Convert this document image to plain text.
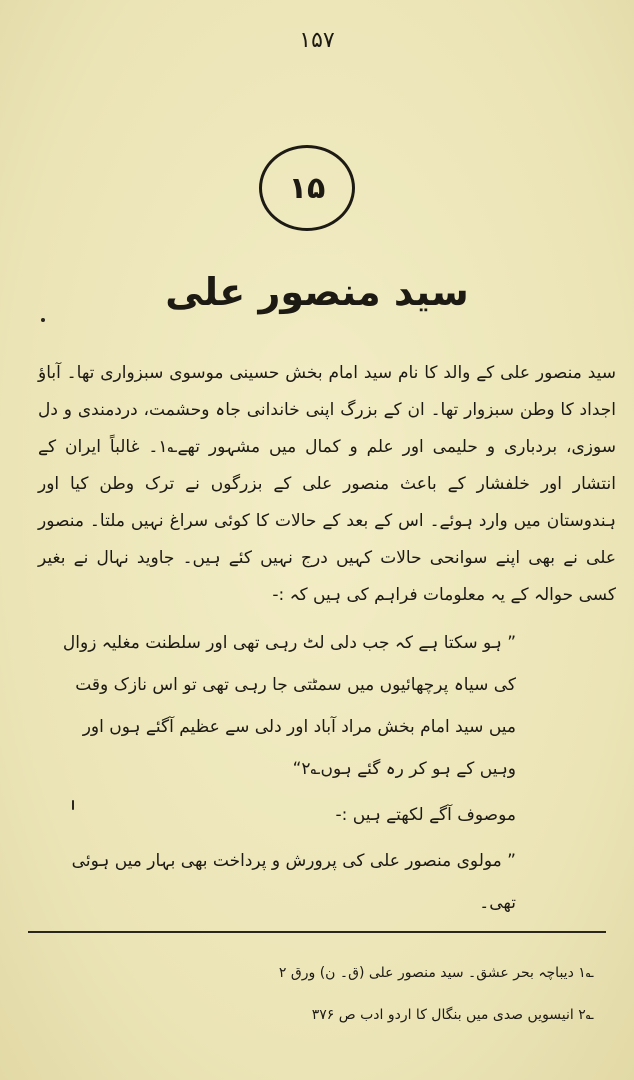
۱۵۷
۱۵
سید منصور علی

سید منصور علی کے والد کا نام سید امام بخش حسینی موسوی سبزواری تھا۔ آباؤ اجداد کا وطن سبزوار تھا۔ ان کے بزرگ اپنی خاندانی جاہ وحشمت، دردمندی و دل سوزی، بردباری و حلیمی اور علم و کمال میں مشہور تھے؎۱۔ غالباً ایران کے انتشار اور خلفشار کے باعث منصور علی کے بزرگوں نے ترک وطن کیا اور ہندوستان میں وارد ہوئے۔ اس کے بعد کے حالات کا کوئی سراغ نہیں ملتا۔ منصور علی نے بھی اپنے سوانحی حالات کہیں درج نہیں کئے ہیں۔ جاوید نہال نے بغیر کسی حوالہ کے یہ معلومات فراہم کی ہیں کہ :-

” ہو سکتا ہے کہ جب دلی لٹ رہی تھی اور سلطنت مغلیہ زوال کی سیاہ پرچھائیوں میں سمٹتی جا رہی تھی تو اس نازک وقت میں سید امام بخش مراد آباد اور دلی سے عظیم آگئے ہوں اور وہیں کے ہو کر رہ گئے ہوں؎۲“

موصوف آگے لکھتے ہیں :-

” مولوی منصور علی کی پرورش و پرداخت بھی بہار میں ہوئی تھی۔

؎۱ دیباچہ بحر عشق۔ سید منصور علی (ق۔ ن) ورق ۲

؎۲ انیسویں صدی میں بنگال کا اردو ادب ص ۳۷۶
